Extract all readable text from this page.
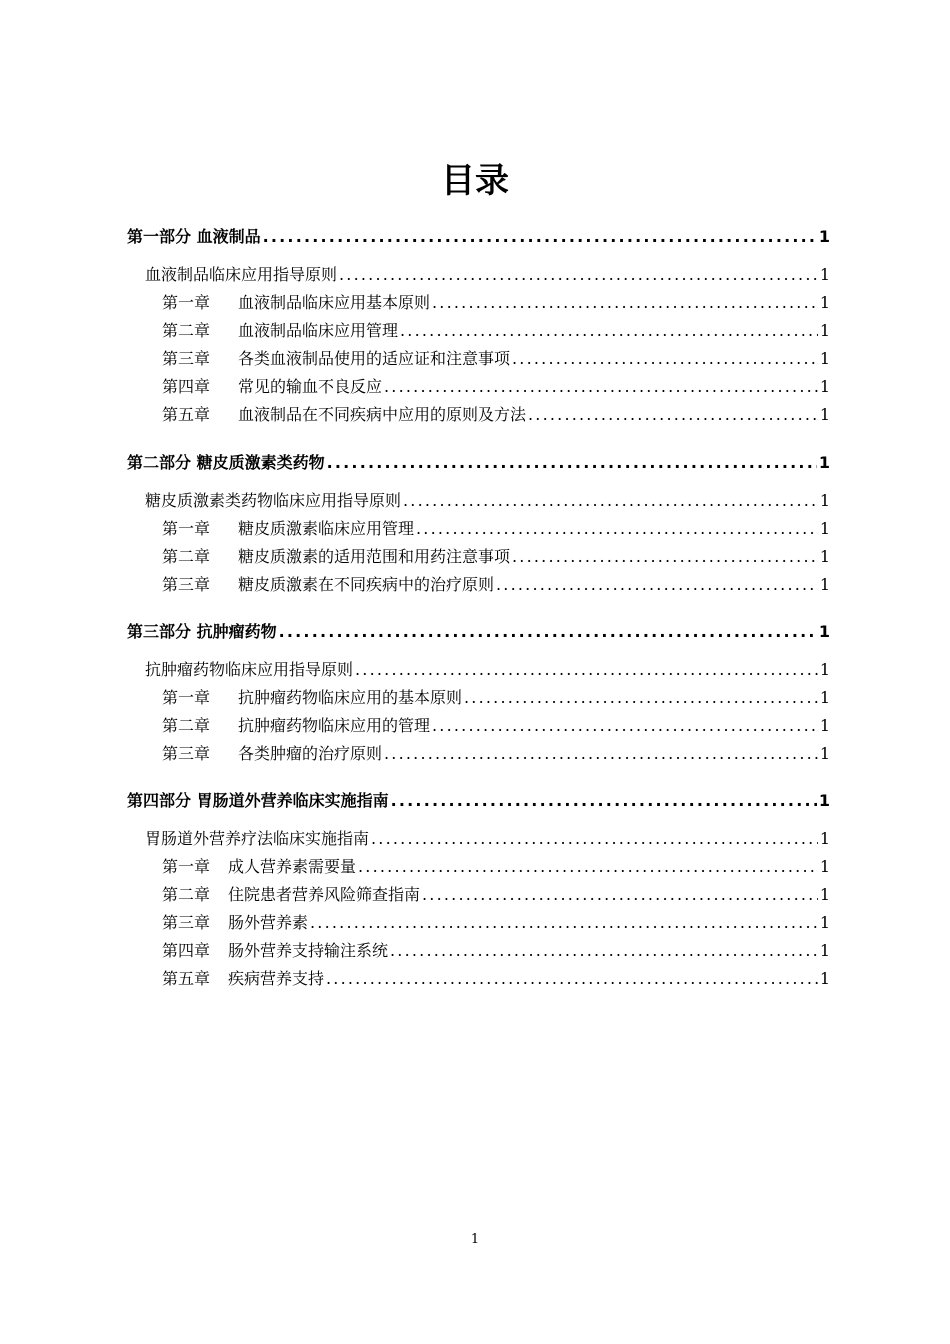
目录
第一部分 血液制品 .....	1
血液制品临床应用指导原则 .....	1
第一章 血液制品临床应用基本原则 .....	1
第二章 血液制品临床应用管理 .....	1
第三章 各类血液制品使用的适应证和注意事项 .....	1
第四章 常见的输血不良反应 .....	1
第五章 血液制品在不同疾病中应用的原则及方法 .....	1
第二部分 糖皮质激素类药物 .....	1
糖皮质激素类药物临床应用指导原则 .....	1
第一章 糖皮质激素临床应用管理 .....	1
第二章 糖皮质激素的适用范围和用药注意事项 .....	1
第三章 糖皮质激素在不同疾病中的治疗原则 .....	1
第三部分 抗肿瘤药物 .....	1
抗肿瘤药物临床应用指导原则 .....	1
第一章 抗肿瘤药物临床应用的基本原则 .....	1
第二章 抗肿瘤药物临床应用的管理 .....	1
第三章 各类肿瘤的治疗原则 .....	1
第四部分 胃肠道外营养临床实施指南 .....	1
胃肠道外营养疗法临床实施指南 .....	1
第一章 成人营养素需要量 .....	1
第二章 住院患者营养风险筛查指南 .....	1
第三章 肠外营养素 .....	1
第四章 肠外营养支持输注系统 .....	1
第五章 疾病营养支持 .....	1
1
